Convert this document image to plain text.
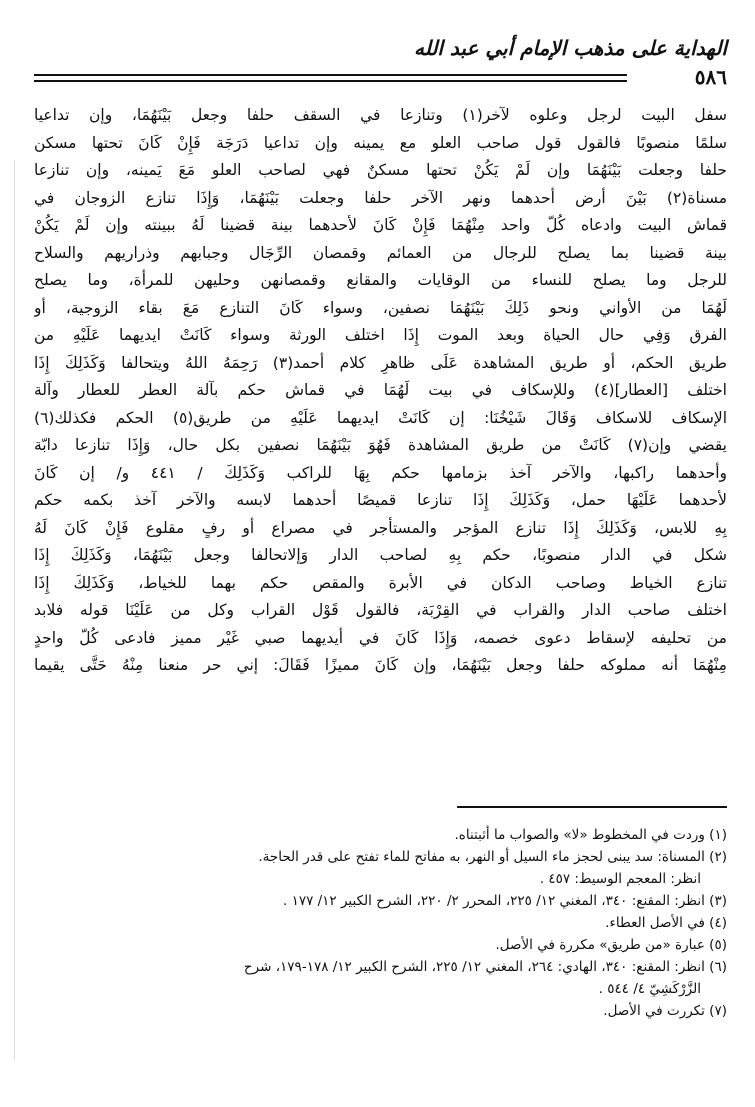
الهداية على مذهب الإمام أبي عبد الله
٥٨٦
سفل البيت لرجل وعلوه لآخر(١) وتنازعا في السقف حلفا وجعل بَيْنَهُمَا، وإن تداعيا
سلمًا منصوبًا فالقول قول صاحب العلو مع يمينه وإن تداعيا دَرَجَة فَإِنْ كَانَ تحتها مسكن
حلفا وجعلت بَيْنَهُمَا وإن لَمْ يَكُنْ تحتها مسكنٌ فهي لصاحب العلو مَعَ يَمينه، وإن تنازعا
مسناة(٢) بَيْنَ أرض أحدهما ونهر الآخر حلفا وجعلت بَيْنَهُمَا، وَإِذَا تنازع الزوجان في
قماش البيت وادعاه كُلّ واحد مِنْهُمَا فَإِنْ كَانَ لأحدهما بينة قضينا لَهُ ببينته وإن لَمْ يَكُنْ
بينة قضينا بما يصلح للرجال من العمائم وقمصان الرِّجَال وجبابهم وذراريهم والسلاح
للرجل وما يصلح للنساء من الوقايات والمقانع وقمصانهن وحليهن للمرأة، وما يصلح
لَهُمَا من الأواني ونحو ذَلِكَ بَيْنَهُمَا نصفين، وسواء كَانَ التنازع مَعَ بقاء الزوجية، أو
الفرق وَفِي حال الحياة وبعد الموت إِذَا اختلف الورثة وسواء كَانَتْ ايديهما عَلَيْهِ من
طريق الحكم، أو طريق المشاهدة عَلَى ظاهرِ كلام أحمد(٣) رَحِمَهُ اللهُ ويتحالفا وَكَذَلِكَ إِذَا
اختلف [العطار](٤) وللإسكاف في بيت لَهُمَا في قماش حكم بآلة العطر للعطار وآلة
الإسكاف للاسكاف وَقَالَ شَيْخُنَا: إن كَانَتْ ايديهما عَلَيْهِ من طريق(٥) الحكم فكذلك(٦)
يقضي وإن(٧) كَانَتْ من طريق المشاهدة فَهُوَ بَيْنَهُمَا نصفين بكل حال، وَإِذَا تنازعا دابّة
وأحدهما راكبها، والآخر آخذ بزمامها حكم بِهَا للراكب وَكَذَلِكَ / ٤٤١ و/ إن كَانَ
لأحدهما عَلَيْهَا حمل، وَكَذَلِكَ إِذَا تنازعا قميصًا أحدهما لابسه والآخر آخذ بكمه حكم
بِهِ للابس، وَكَذَلِكَ إِذَا تنازع المؤجر والمستأجر في مصراع أو رفٍ مقلوع فَإِنْ كَانَ لَهُ
شكل في الدار منصوبًا، حكم بِهِ لصاحب الدار وَإلاتحالفا وجعل بَيْنَهُمَا، وَكَذَلِكَ إِذَا
تنازع الخياط وصاحب الدكان في الأبرة والمقص حكم بهما للخياط، وَكَذَلِكَ إِذَا
اختلف صاحب الدار والقراب في القِرْبَة، فالقول قَوْل القراب وكل من عَلَيْنَا قوله فلابد
من تحليفه لإسقاط دعوى خصمه، وَإِذَا كَانَ في أيديهما صبي غَيْر مميز فادعى كُلّ واحدٍ
مِنْهُمَا أنه مملوكه حلفا وجعل بَيْنَهُمَا، وإن كَانَ مميزًا فَقَالَ: إني حر منعنا مِنْهُ حَتَّى يقيما
(١) وردت في المخطوط «لا» والصواب ما أثبتناه.
(٢) المسناة: سد يبنى لحجز ماء السيل أو النهر، به مفاتح للماء تفتح على قدر الحاجة.
انظر: المعجم الوسيط: ٤٥٧ .
(٣) انظر: المقنع: ٣٤٠، المغني ١٢/ ٢٢٥، المحرر ٢/ ٢٢٠، الشرح الكبير ١٢/ ١٧٧ .
(٤) في الأصل العطاء.
(٥) عبارة «من طريق» مكررة في الأصل.
(٦) انظر: المقنع: ٣٤٠، الهادي: ٢٦٤، المغني ١٢/ ٢٢٥، الشرح الكبير ١٢/ ١٧٨-١٧٩، شرح
الزَّرْكَشِيّ ٤/ ٥٤٤ .
(٧) تكررت في الأصل.
